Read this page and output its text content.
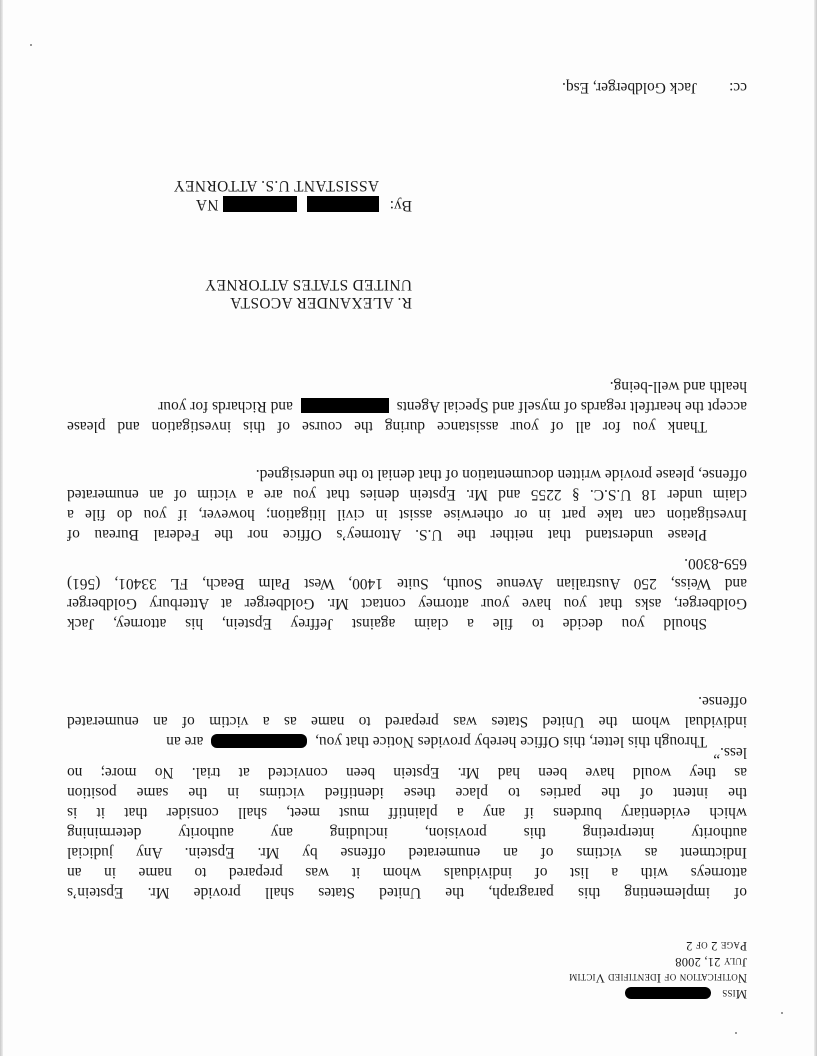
Miss
Notification of Identified Victim
July 21, 2008
Page 2 of 2
of implementing this paragraph, the United States shall provide Mr. Epstein’s
attorneys with a list of individuals whom it was prepared to name in an
Indictment as victims of an enumerated offense by Mr. Epstein. Any judicial
authority interpreting this provision, including any authority determining
which evidentiary burdens if any a plaintiff must meet, shall consider that it is
the intent of the parties to place these identified victims in the same position
as they would have been had Mr. Epstein been convicted at trial. No more; no
less.”
Through this letter, this Office hereby provides Notice that you,  are an
individual whom the United States was prepared to name as a victim of an enumerated
offense.
Should you decide to file a claim against Jeffrey Epstein, his attorney, Jack
Goldberger, asks that you have your attorney contact Mr. Goldberger at Atterbury Goldberger
and Weiss, 250 Australian Avenue South, Suite 1400, West Palm Beach, FL 33401, (561)
659-8300.
Please understand that neither the U.S. Attorney’s Office nor the Federal Bureau of
Investigation can take part in or otherwise assist in civil litigation; however, if you do file a
claim under 18 U.S.C. § 2255 and Mr. Epstein denies that you are a victim of an enumerated
offense, please provide written documentation of that denial to the undersigned.
Thank you for all of your assistance during the course of this investigation and please
accept the heartfelt regards of myself and Special Agents  and Richards for your
health and well-being.
R. ALEXANDER ACOSTA
UNITED STATES ATTORNEY
By:
NA
ASSISTANT U.S. ATTORNEY
cc:
Jack Goldberger, Esq.
